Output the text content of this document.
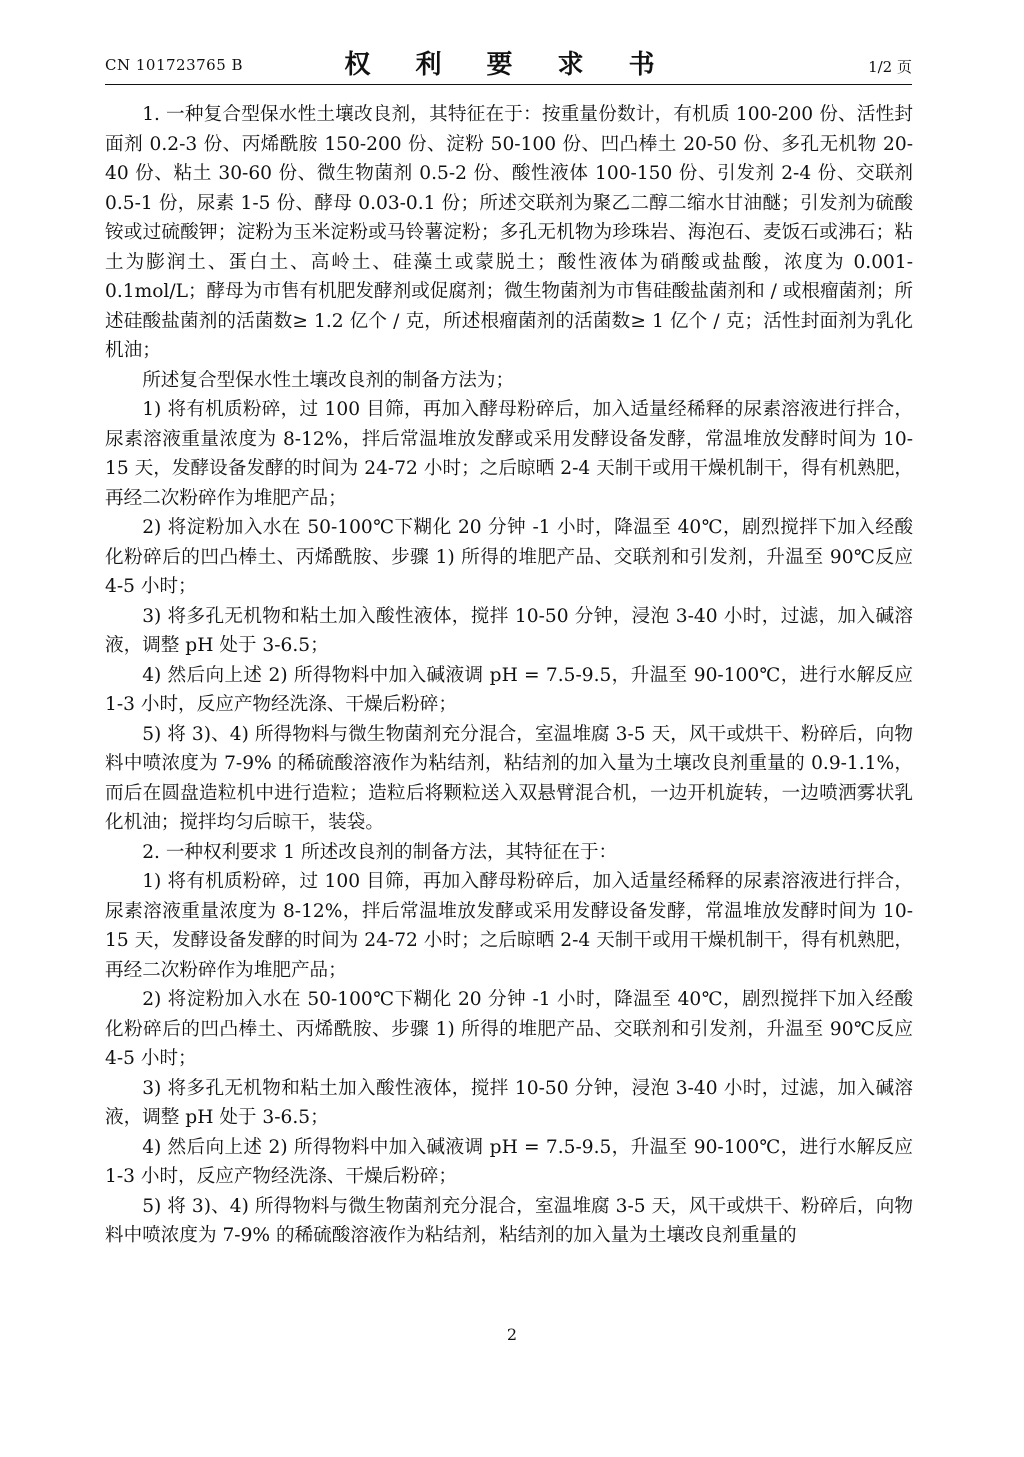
CN 101723765 B	权 利 要 求 书	1/2 页

1. 一种复合型保水性土壤改良剂，其特征在于：按重量份数计，有机质 100-200 份、活性封面剂 0.2-3 份、丙烯酰胺 150-200 份、淀粉 50-100 份、凹凸棒土 20-50 份、多孔无机物 20-40 份、粘土 30-60 份、微生物菌剂 0.5-2 份、酸性液体 100-150 份、引发剂 2-4 份、交联剂 0.5-1 份，尿素 1-5 份、酵母 0.03-0.1 份；所述交联剂为聚乙二醇二缩水甘油醚；引发剂为硫酸铵或过硫酸钾；淀粉为玉米淀粉或马铃薯淀粉；多孔无机物为珍珠岩、海泡石、麦饭石或沸石；粘土为膨润土、蛋白土、高岭土、硅藻土或蒙脱土；酸性液体为硝酸或盐酸，浓度为 0.001-0.1mol/L；酵母为市售有机肥发酵剂或促腐剂；微生物菌剂为市售硅酸盐菌剂和 / 或根瘤菌剂；所述硅酸盐菌剂的活菌数≥ 1.2 亿个 / 克，所述根瘤菌剂的活菌数≥ 1 亿个 / 克；活性封面剂为乳化机油；

所述复合型保水性土壤改良剂的制备方法为；

1) 将有机质粉碎，过 100 目筛，再加入酵母粉碎后，加入适量经稀释的尿素溶液进行拌合，尿素溶液重量浓度为 8-12%，拌后常温堆放发酵或采用发酵设备发酵，常温堆放发酵时间为 10-15 天，发酵设备发酵的时间为 24-72 小时；之后晾晒 2-4 天制干或用干燥机制干，得有机熟肥，再经二次粉碎作为堆肥产品；

2) 将淀粉加入水在 50-100℃下糊化 20 分钟 -1 小时，降温至 40℃，剧烈搅拌下加入经酸化粉碎后的凹凸棒土、丙烯酰胺、步骤 1) 所得的堆肥产品、交联剂和引发剂，升温至 90℃反应 4-5 小时；

3) 将多孔无机物和粘土加入酸性液体，搅拌 10-50 分钟，浸泡 3-40 小时，过滤，加入碱溶液，调整 pH 处于 3-6.5；

4) 然后向上述 2) 所得物料中加入碱液调 pH = 7.5-9.5，升温至 90-100℃，进行水解反应 1-3 小时，反应产物经洗涤、干燥后粉碎；

5) 将 3)、4) 所得物料与微生物菌剂充分混合，室温堆腐 3-5 天，风干或烘干、粉碎后，向物料中喷浓度为 7-9% 的稀硫酸溶液作为粘结剂，粘结剂的加入量为土壤改良剂重量的 0.9-1.1%，而后在圆盘造粒机中进行造粒；造粒后将颗粒送入双悬臂混合机，一边开机旋转，一边喷洒雾状乳化机油；搅拌均匀后晾干，装袋。

2. 一种权利要求 1 所述改良剂的制备方法，其特征在于：

1) 将有机质粉碎，过 100 目筛，再加入酵母粉碎后，加入适量经稀释的尿素溶液进行拌合，尿素溶液重量浓度为 8-12%，拌后常温堆放发酵或采用发酵设备发酵，常温堆放发酵时间为 10-15 天，发酵设备发酵的时间为 24-72 小时；之后晾晒 2-4 天制干或用干燥机制干，得有机熟肥，再经二次粉碎作为堆肥产品；

2) 将淀粉加入水在 50-100℃下糊化 20 分钟 -1 小时，降温至 40℃，剧烈搅拌下加入经酸化粉碎后的凹凸棒土、丙烯酰胺、步骤 1) 所得的堆肥产品、交联剂和引发剂，升温至 90℃反应 4-5 小时；

3) 将多孔无机物和粘土加入酸性液体，搅拌 10-50 分钟，浸泡 3-40 小时，过滤，加入碱溶液，调整 pH 处于 3-6.5；

4) 然后向上述 2) 所得物料中加入碱液调 pH = 7.5-9.5，升温至 90-100℃，进行水解反应 1-3 小时，反应产物经洗涤、干燥后粉碎；

5) 将 3)、4) 所得物料与微生物菌剂充分混合，室温堆腐 3-5 天，风干或烘干、粉碎后，向物料中喷浓度为 7-9% 的稀硫酸溶液作为粘结剂，粘结剂的加入量为土壤改良剂重量的

2
